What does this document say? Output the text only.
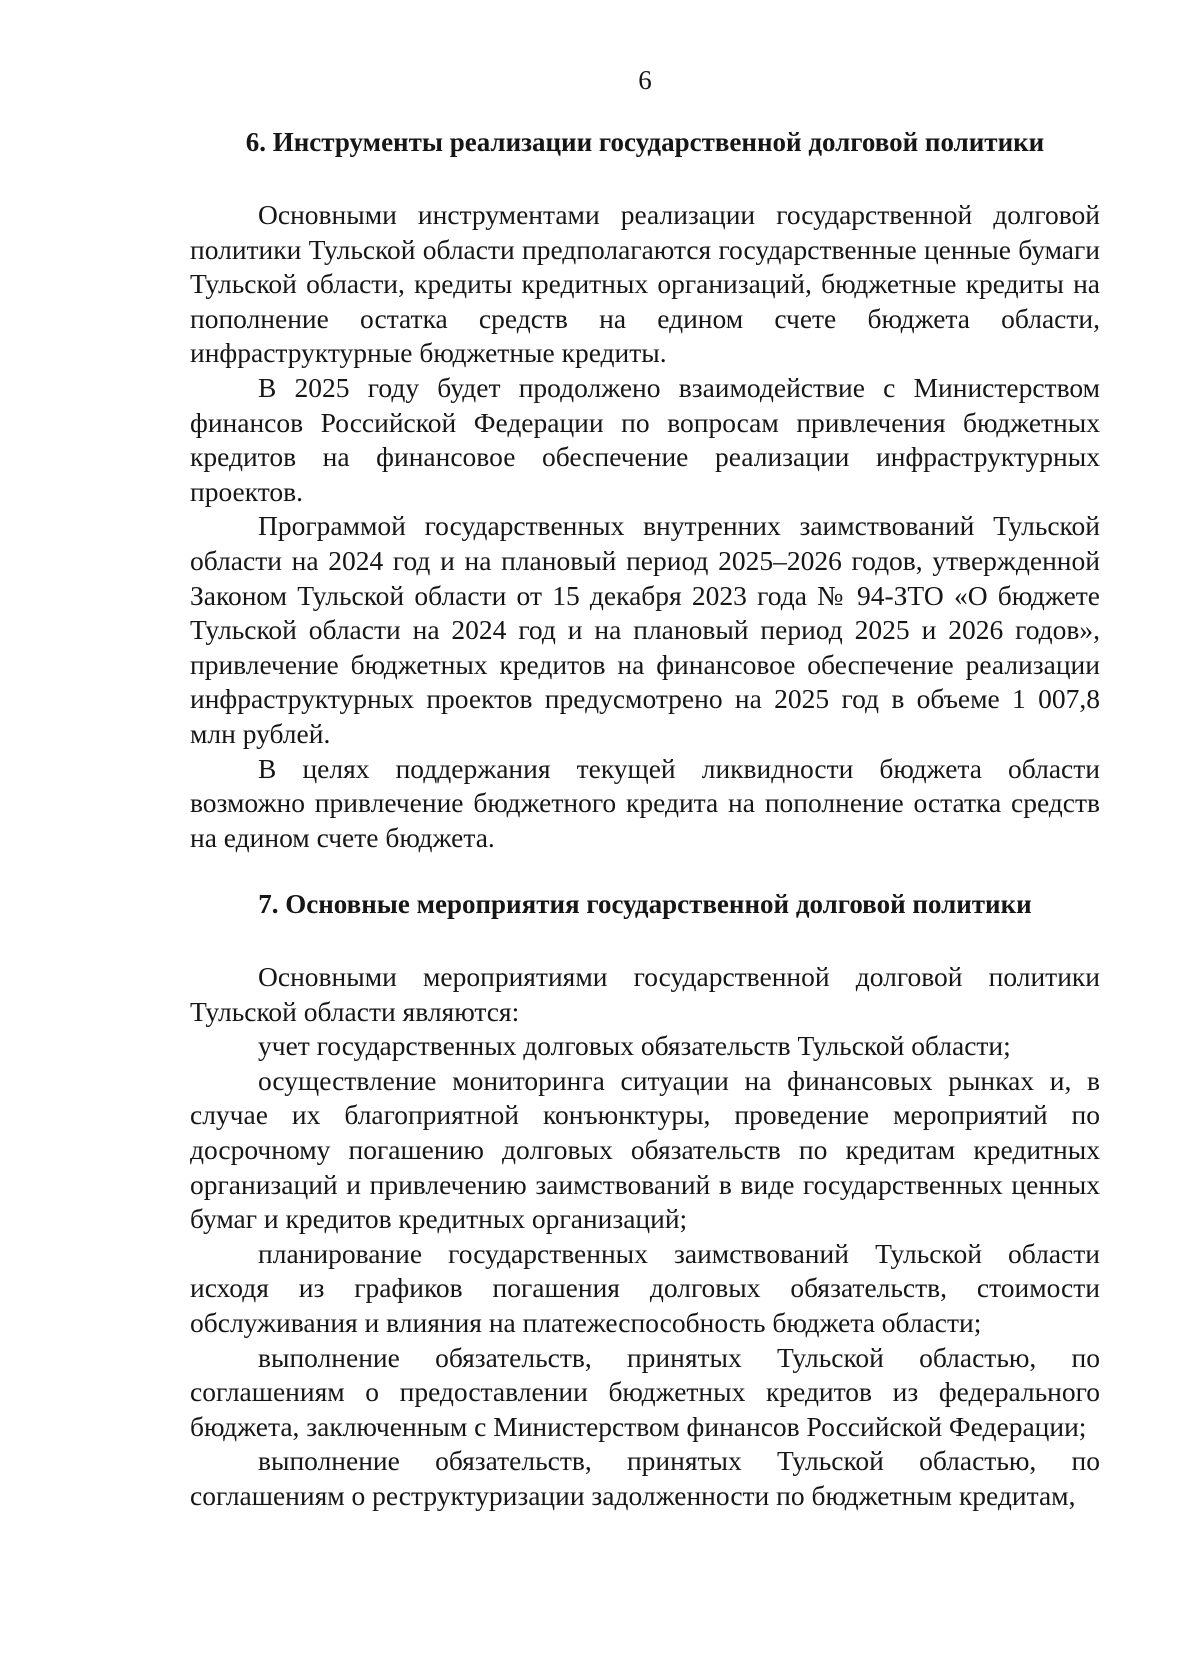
6
6. Инструменты реализации государственной долговой политики

Основными инструментами реализации государственной долговой политики Тульской области предполагаются государственные ценные бумаги Тульской области, кредиты кредитных организаций, бюджетные кредиты на пополнение остатка средств на едином счете бюджета области, инфраструктурные бюджетные кредиты.

В 2025 году будет продолжено взаимодействие с Министерством финансов Российской Федерации по вопросам привлечения бюджетных кредитов на финансовое обеспечение реализации инфраструктурных проектов.

Программой государственных внутренних заимствований Тульской области на 2024 год и на плановый период 2025–2026 годов, утвержденной Законом Тульской области от 15 декабря 2023 года № 94-ЗТО «О бюджете Тульской области на 2024 год и на плановый период 2025 и 2026 годов», привлечение бюджетных кредитов на финансовое обеспечение реализации инфраструктурных проектов предусмотрено на 2025 год в объеме 1 007,8 млн рублей.

В целях поддержания текущей ликвидности бюджета области возможно привлечение бюджетного кредита на пополнение остатка средств на едином счете бюджета.

7. Основные мероприятия государственной долговой политики

Основными мероприятиями государственной долговой политики Тульской области являются:

учет государственных долговых обязательств Тульской области;

осуществление мониторинга ситуации на финансовых рынках и, в случае их благоприятной конъюнктуры, проведение мероприятий по досрочному погашению долговых обязательств по кредитам кредитных организаций и привлечению заимствований в виде государственных ценных бумаг и кредитов кредитных организаций;

планирование государственных заимствований Тульской области исходя из графиков погашения долговых обязательств, стоимости обслуживания и влияния на платежеспособность бюджета области;

выполнение обязательств, принятых Тульской областью, по соглашениям о предоставлении бюджетных кредитов из федерального бюджета, заключенным с Министерством финансов Российской Федерации;

выполнение обязательств, принятых Тульской областью, по соглашениям о реструктуризации задолженности по бюджетным кредитам,
